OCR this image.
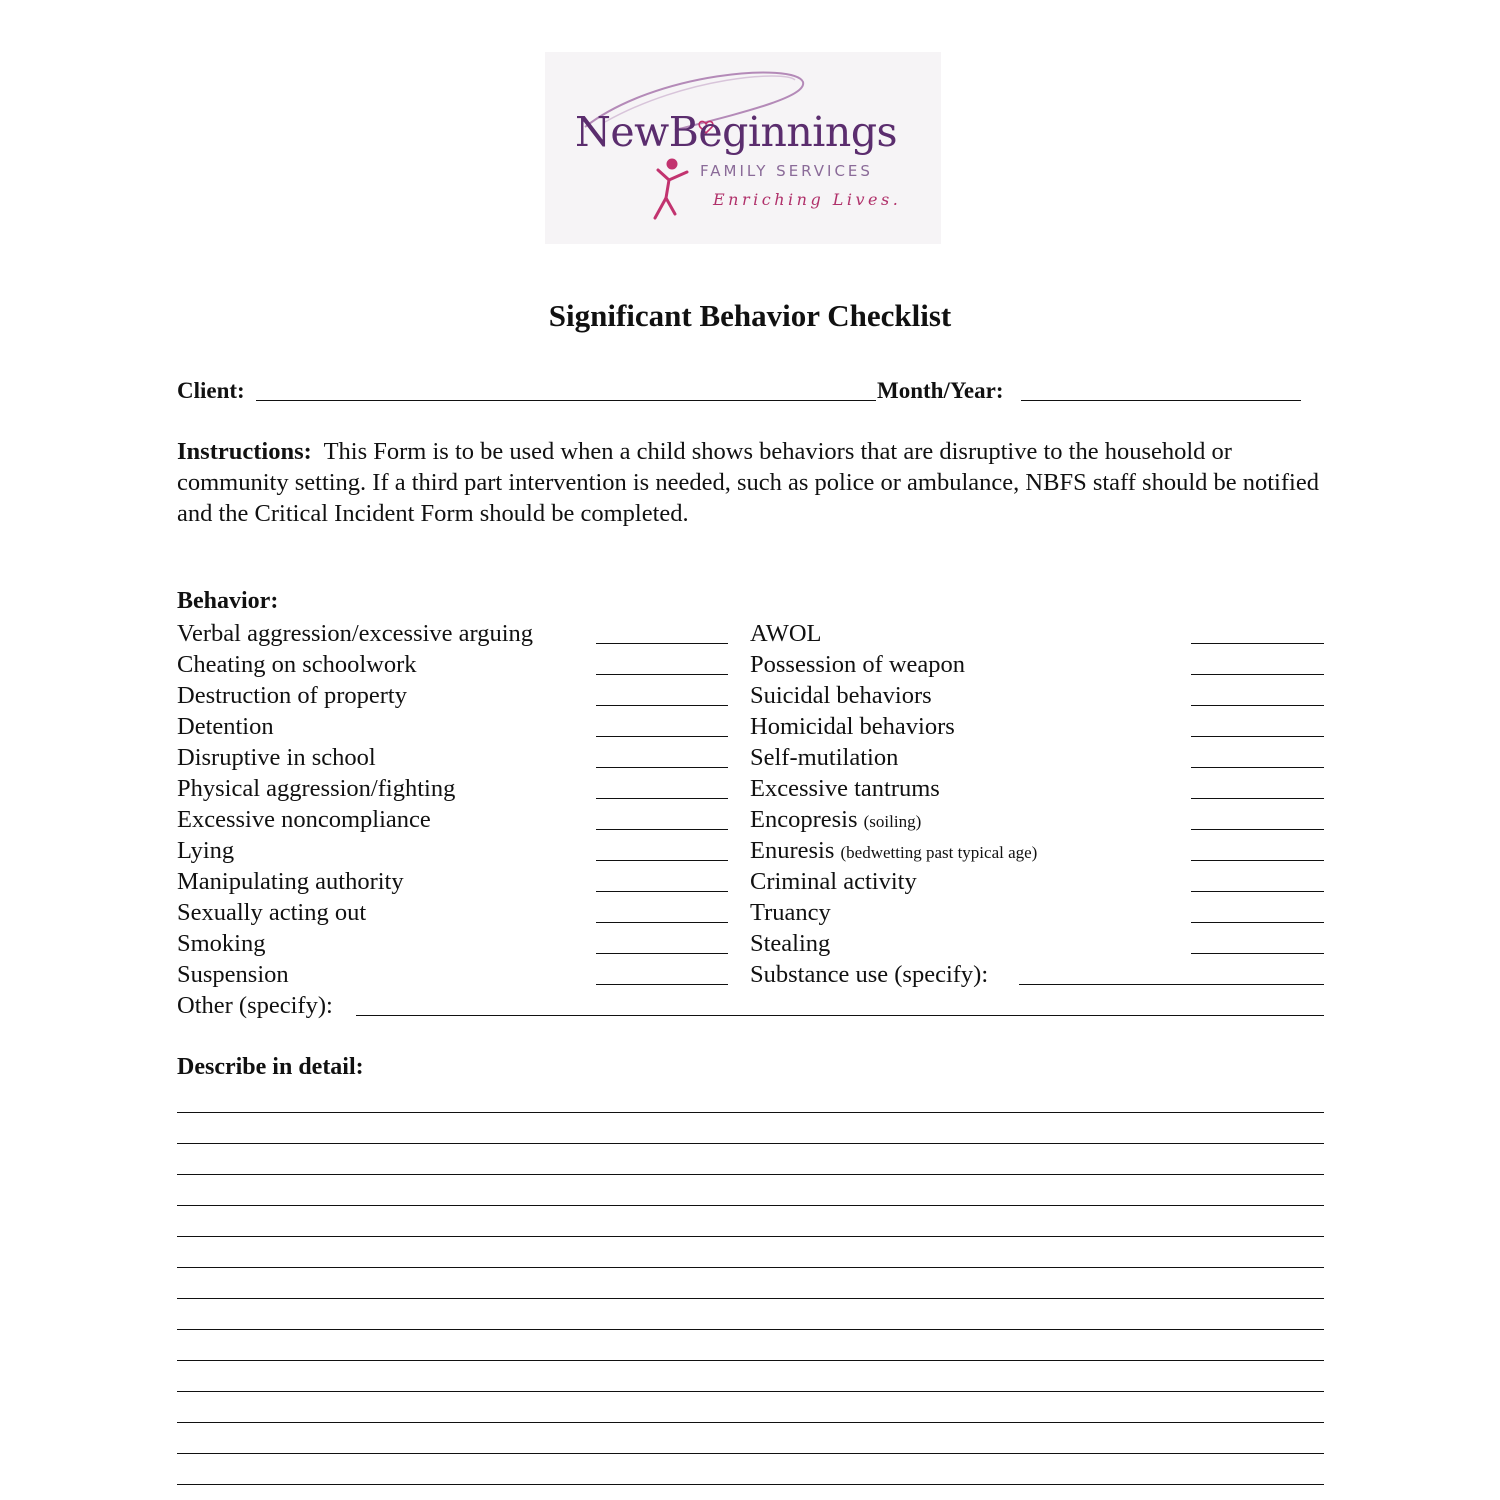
NewBeginnings
FAMILY SERVICES
Enriching Lives.
Significant Behavior Checklist
Client:	Month/Year:
Instructions: This Form is to be used when a child shows behaviors that are disruptive to the household or community setting. If a third part intervention is needed, such as police or ambulance, NBFS staff should be notified and the Critical Incident Form should be completed.
Behavior:
Verbal aggression/excessive arguing
Cheating on schoolwork
Destruction of property
Detention
Disruptive in school
Physical aggression/fighting
Excessive noncompliance
Lying
Manipulating authority
Sexually acting out
Smoking
Suspension
AWOL
Possession of weapon
Suicidal behaviors
Homicidal behaviors
Self-mutilation
Excessive tantrums
Encopresis (soiling)
Enuresis (bedwetting past typical age)
Criminal activity
Truancy
Stealing
Substance use (specify):
Other (specify):
Describe in detail:
